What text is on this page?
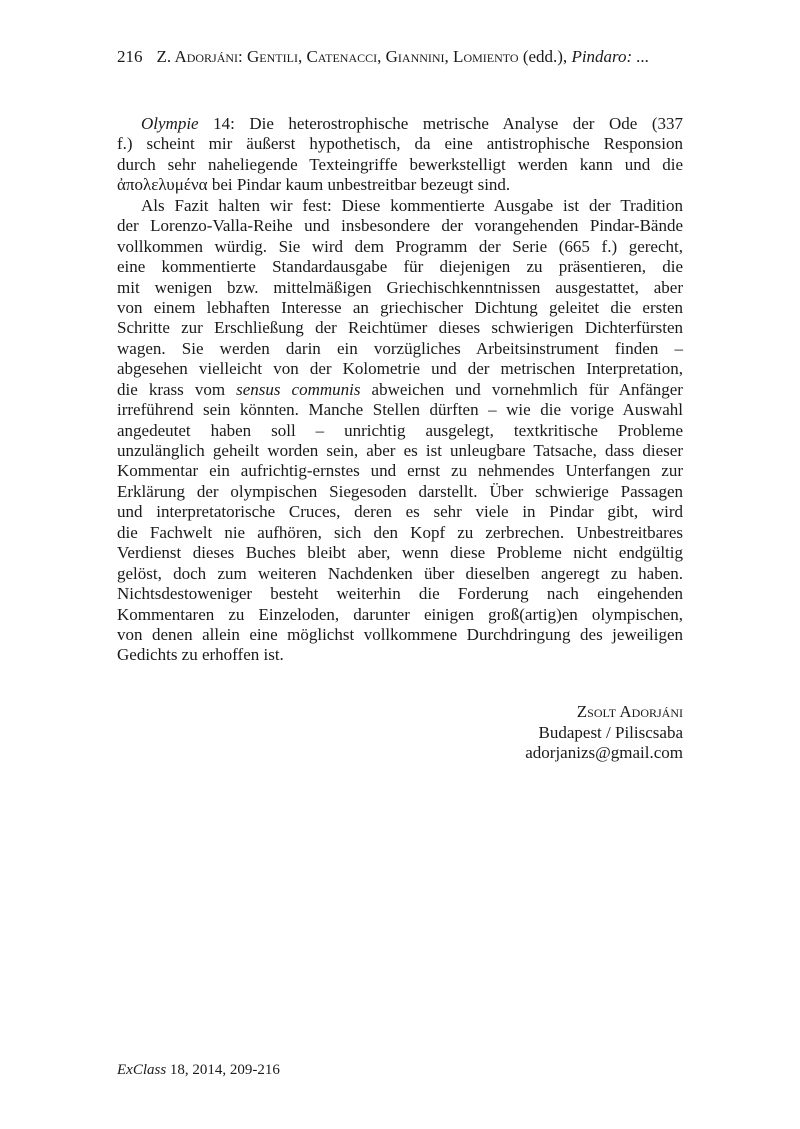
216 Z. Adorjáni: Gentili, Catenacci, Giannini, Lomiento (edd.), Pindaro: ...
Olympie 14: Die heterostrophische metrische Analyse der Ode (337
f.) scheint mir äußerst hypothetisch, da eine antistrophische Responsion
durch sehr naheliegende Texteingriffe bewerkstelligt werden kann und die
ἀπολελυμένα bei Pindar kaum unbestreitbar bezeugt sind.
Als Fazit halten wir fest: Diese kommentierte Ausgabe ist der Tradition
der Lorenzo-Valla-Reihe und insbesondere der vorangehenden Pindar-Bände
vollkommen würdig. Sie wird dem Programm der Serie (665 f.) gerecht,
eine kommentierte Standardausgabe für diejenigen zu präsentieren, die
mit wenigen bzw. mittelmäßigen Griechischkenntnissen ausgestattet, aber
von einem lebhaften Interesse an griechischer Dichtung geleitet die ersten
Schritte zur Erschließung der Reichtümer dieses schwierigen Dichterfürsten
wagen. Sie werden darin ein vorzügliches Arbeitsinstrument finden –
abgesehen vielleicht von der Kolometrie und der metrischen Interpretation,
die krass vom sensus communis abweichen und vornehmlich für Anfänger
irreführend sein könnten. Manche Stellen dürften – wie die vorige Auswahl
angedeutet haben soll – unrichtig ausgelegt, textkritische Probleme
unzulänglich geheilt worden sein, aber es ist unleugbare Tatsache, dass dieser
Kommentar ein aufrichtig-ernstes und ernst zu nehmendes Unterfangen zur
Erklärung der olympischen Siegesoden darstellt. Über schwierige Passagen
und interpretatorische Cruces, deren es sehr viele in Pindar gibt, wird
die Fachwelt nie aufhören, sich den Kopf zu zerbrechen. Unbestreitbares
Verdienst dieses Buches bleibt aber, wenn diese Probleme nicht endgültig
gelöst, doch zum weiteren Nachdenken über dieselben angeregt zu haben.
Nichtsdestoweniger besteht weiterhin die Forderung nach eingehenden
Kommentaren zu Einzeloden, darunter einigen groß(artig)en olympischen,
von denen allein eine möglichst vollkommene Durchdringung des jeweiligen
Gedichts zu erhoffen ist.
Zsolt Adorjáni
Budapest / Piliscsaba
adorjanizs@gmail.com
ExClass 18, 2014, 209-216
